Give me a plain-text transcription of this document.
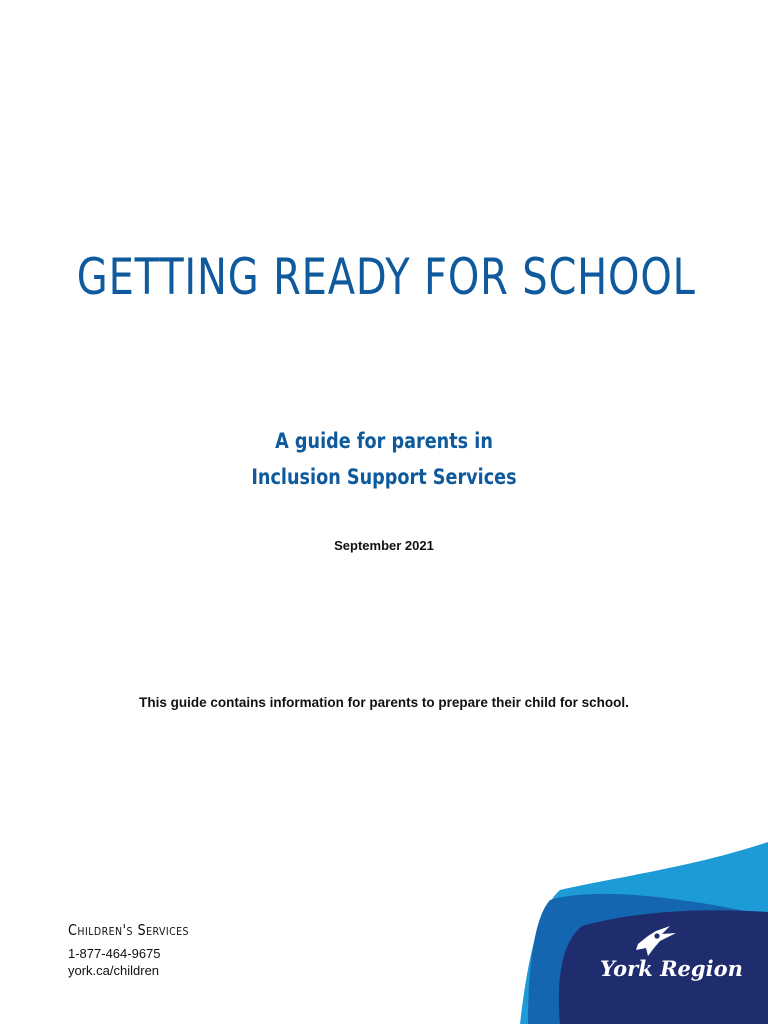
GETTING READY FOR SCHOOL

A guide for parents in

Inclusion Support Services

September 2021

This guide contains information for parents to prepare their child for school.

Children's Services

1-877-464-9675

york.ca/children	York Region
